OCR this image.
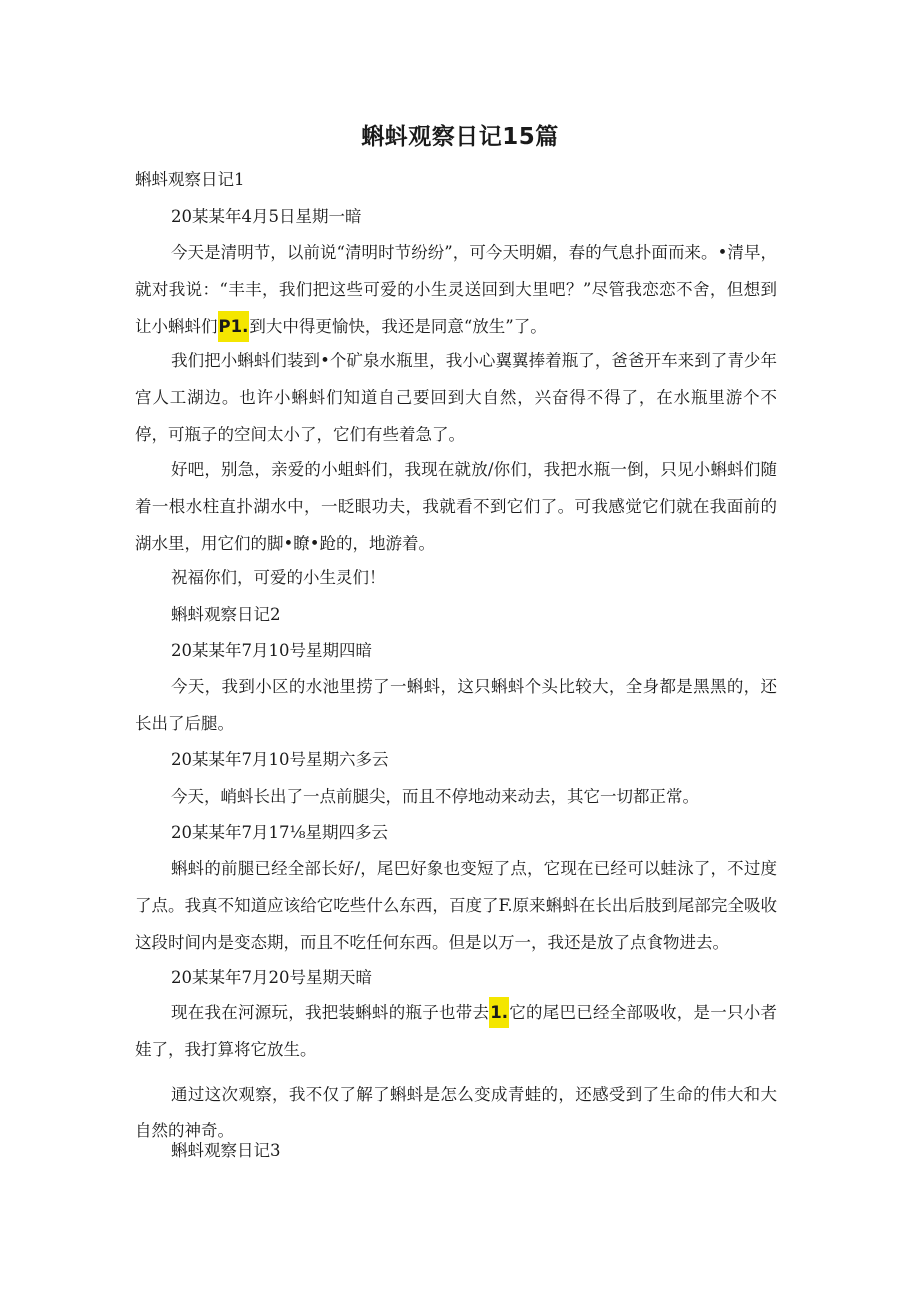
蝌蚪观察日记15篇
蝌蚪观察日记1
20某某年4月5日星期一暗
今天是清明节，以前说“清明时节纷纷”，可今天明媚，春的气息扑面而来。•清早，就对我说：“丰丰，我们把这些可爱的小生灵送回到大里吧？”尽管我恋恋不舍，但想到让小蝌蚪们P1.到大中得更愉快，我还是同意“放生”了。
我们把小蝌蚪们装到•个矿泉水瓶里，我小心翼翼捧着瓶了，爸爸开车来到了青少年宫人工湖边。也许小蝌蚪们知道自己要回到大自然，兴奋得不得了，在水瓶里游个不停，可瓶子的空间太小了，它们有些着急了。
好吧，别急，亲爱的小蛆蚪们，我现在就放/你们，我把水瓶一倒，只见小蝌蚪们随着一根水柱直扑湖水中，一眨眼功夫，我就看不到它们了。可我感觉它们就在我面前的湖水里，用它们的脚•瞭•跄的，地游着。
祝福你们，可爱的小生灵们！
蝌蚪观察日记2
20某某年7月10号星期四暗
今天，我到小区的水池里捞了一蝌蚪，这只蝌蚪个头比较大，全身都是黑黑的，还长出了后腿。
20某某年7月10号星期六多云
今天，峭蚪长出了一点前腿尖，而且不停地动来动去，其它一切都正常。
20某某年7月17⅛星期四多云
蝌蚪的前腿已经全部长好/，尾巴好象也变短了点，它现在已经可以蛙泳了，不过度了点。我真不知道应该给它吃些什么东西，百度了F.原来蝌蚪在长出后肢到尾部完全吸收这段时间内是变态期，而且不吃任何东西。但是以万一，我还是放了点食物进去。
20某某年7月20号星期天暗
现在我在河源玩，我把装蝌蚪的瓶子也带去1.它的尾巴已经全部吸收，是一只小者娃了，我打算将它放生。
通过这次观察，我不仅了解了蝌蚪是怎么变成青蛙的，还感受到了生命的伟大和大自然的神奇。
蝌蚪观察日记3
